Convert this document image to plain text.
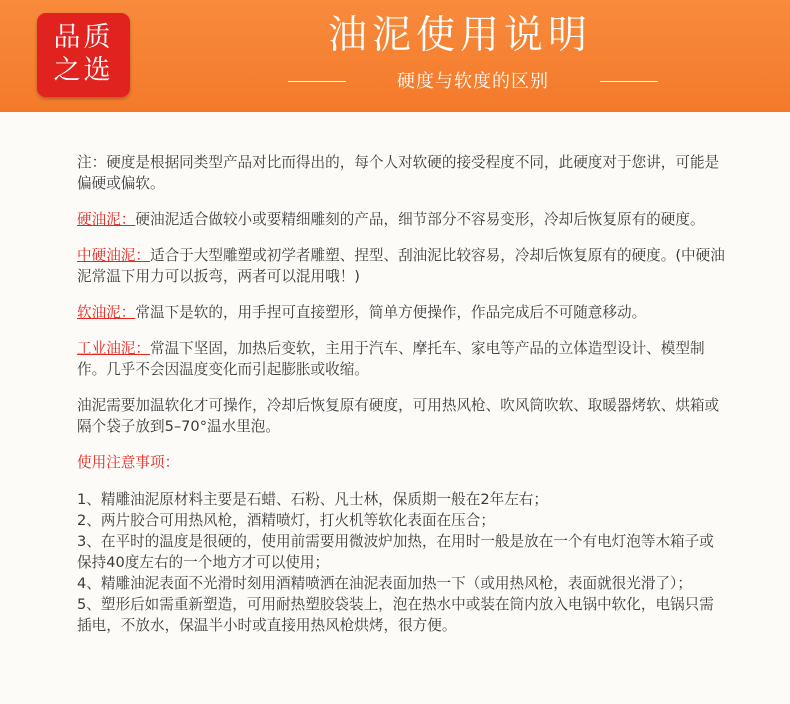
品质
之选
油泥使用说明
硬度与软度的区别

注：硬度是根据同类型产品对比而得出的，每个人对软硬的接受程度不同，此硬度对于您讲，可能是偏硬或偏软。

硬油泥：硬油泥适合做较小或要精细雕刻的产品，细节部分不容易变形，冷却后恢复原有的硬度。

中硬油泥：适合于大型雕塑或初学者雕塑、捏型、刮油泥比较容易，冷却后恢复原有的硬度。(中硬油泥常温下用力可以扳弯，两者可以混用哦！)

软油泥：常温下是软的，用手捏可直接塑形，简单方便操作，作品完成后不可随意移动。

工业油泥：常温下坚固，加热后变软，主用于汽车、摩托车、家电等产品的立体造型设计、模型制作。几乎不会因温度变化而引起膨胀或收缩。

油泥需要加温软化才可操作，冷却后恢复原有硬度，可用热风枪、吹风筒吹软、取暖器烤软、烘箱或隔个袋子放到5–70°温水里泡。

使用注意事项：

1、精雕油泥原材料主要是石蜡、石粉、凡士林，保质期一般在2年左右；

2、两片胶合可用热风枪，酒精喷灯，打火机等软化表面在压合；

3、在平时的温度是很硬的，使用前需要用微波炉加热，在用时一般是放在一个有电灯泡等木箱子或保持40度左右的一个地方才可以使用；

4、精雕油泥表面不光滑时刻用酒精喷洒在油泥表面加热一下（或用热风枪，表面就很光滑了）；

5、塑形后如需重新塑造，可用耐热塑胶袋装上，泡在热水中或装在筒内放入电锅中软化，电锅只需插电，不放水，保温半小时或直接用热风枪烘烤，很方便。
